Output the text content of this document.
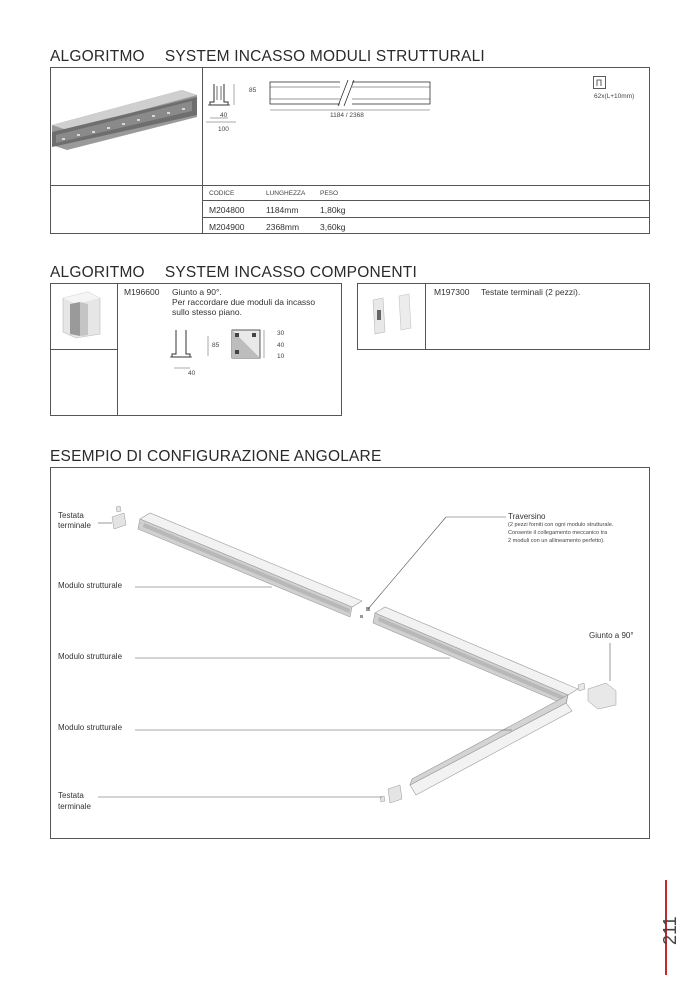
ALGORITMO SYSTEM INCASSO MODULI STRUTTURALI
85
40
100
1184 / 2368
62x(L+10mm)
CODICE	LUNGHEZZA PESO
M204800	1184mm	1,80kg
M204900	2368mm 3,60kg
ALGORITMO SYSTEM INCASSO COMPONENTI
M196600 Giunto a 90°.
Per raccordare due moduli da incasso
sullo stesso piano.
85
40
30
40
10
M197300 Testate terminali (2 pezzi).
ESEMPIO DI CONFIGURAZIONE ANGOLARE
Testata
terminale
Modulo strutturale
Modulo strutturale
Modulo strutturale
Testata
terminale
Traversino
(2 pezzi forniti con ogni modulo strutturale.
Consente il collegamento meccanico tra
2 moduli con un allineamento perfetto).
Giunto a 90°
211
